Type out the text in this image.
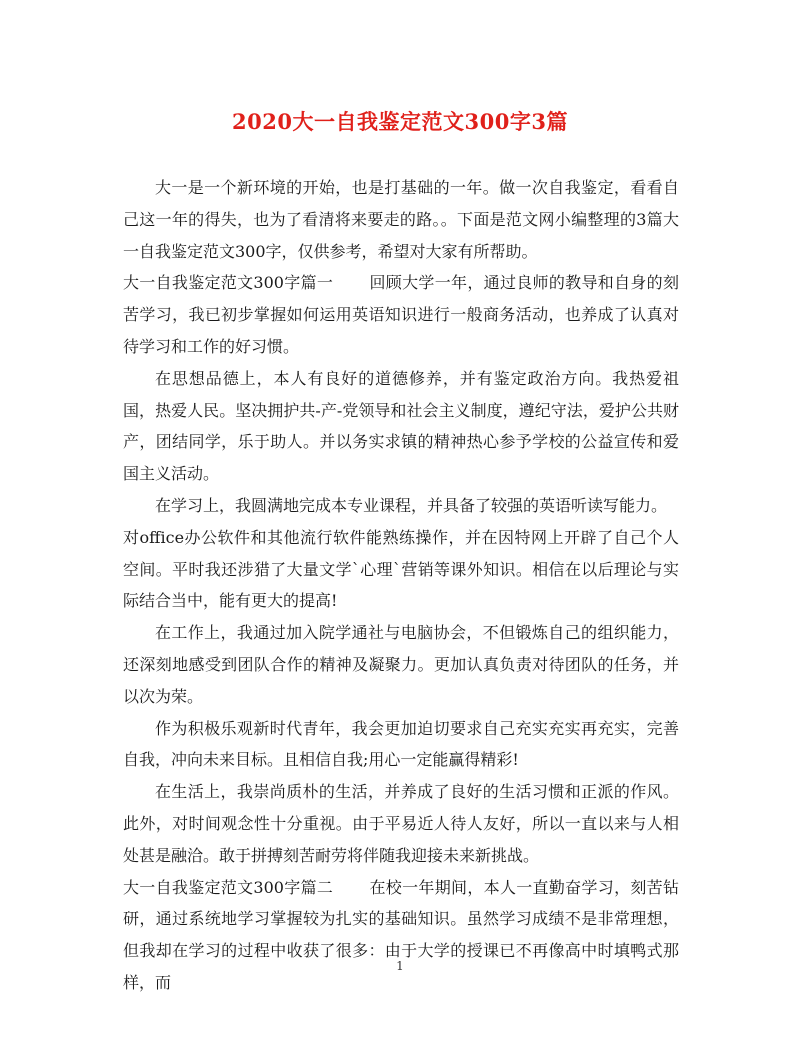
2020大一自我鉴定范文300字3篇

大一是一个新环境的开始，也是打基础的一年。做一次自我鉴定，看看自己这一年的得失，也为了看清将来要走的路。。下面是范文网小编整理的3篇大一自我鉴定范文300字，仅供参考，希望对大家有所帮助。

大一自我鉴定范文300字篇一 回顾大学一年，通过良师的教导和自身的刻苦学习，我已初步掌握如何运用英语知识进行一般商务活动，也养成了认真对待学习和工作的好习惯。

在思想品德上，本人有良好的道德修养，并有鉴定政治方向。我热爱祖国，热爱人民。坚决拥护共-产-党领导和社会主义制度，遵纪守法，爱护公共财产，团结同学，乐于助人。并以务实求镇的精神热心参予学校的公益宣传和爱国主义活动。

在学习上，我圆满地完成本专业课程，并具备了较强的英语听读写能力。

对office办公软件和其他流行软件能熟练操作，并在因特网上开辟了自己个人空间。平时我还涉猎了大量文学`心理`营销等课外知识。相信在以后理论与实际结合当中，能有更大的提高!

在工作上，我通过加入院学通社与电脑协会，不但锻炼自己的组织能力，还深刻地感受到团队合作的精神及凝聚力。更加认真负责对待团队的任务，并以次为荣。

作为积极乐观新时代青年，我会更加迫切要求自己充实充实再充实，完善自我，冲向未来目标。且相信自我;用心一定能赢得精彩!

在生活上，我崇尚质朴的生活，并养成了良好的生活习惯和正派的作风。此外，对时间观念性十分重视。由于平易近人待人友好，所以一直以来与人相处甚是融洽。敢于拼搏刻苦耐劳将伴随我迎接未来新挑战。

大一自我鉴定范文300字篇二 在校一年期间，本人一直勤奋学习，刻苦钻研，通过系统地学习掌握较为扎实的基础知识。虽然学习成绩不是非常理想，但我却在学习的过程中收获了很多：由于大学的授课已不再像高中时填鸭式那样，而

1
